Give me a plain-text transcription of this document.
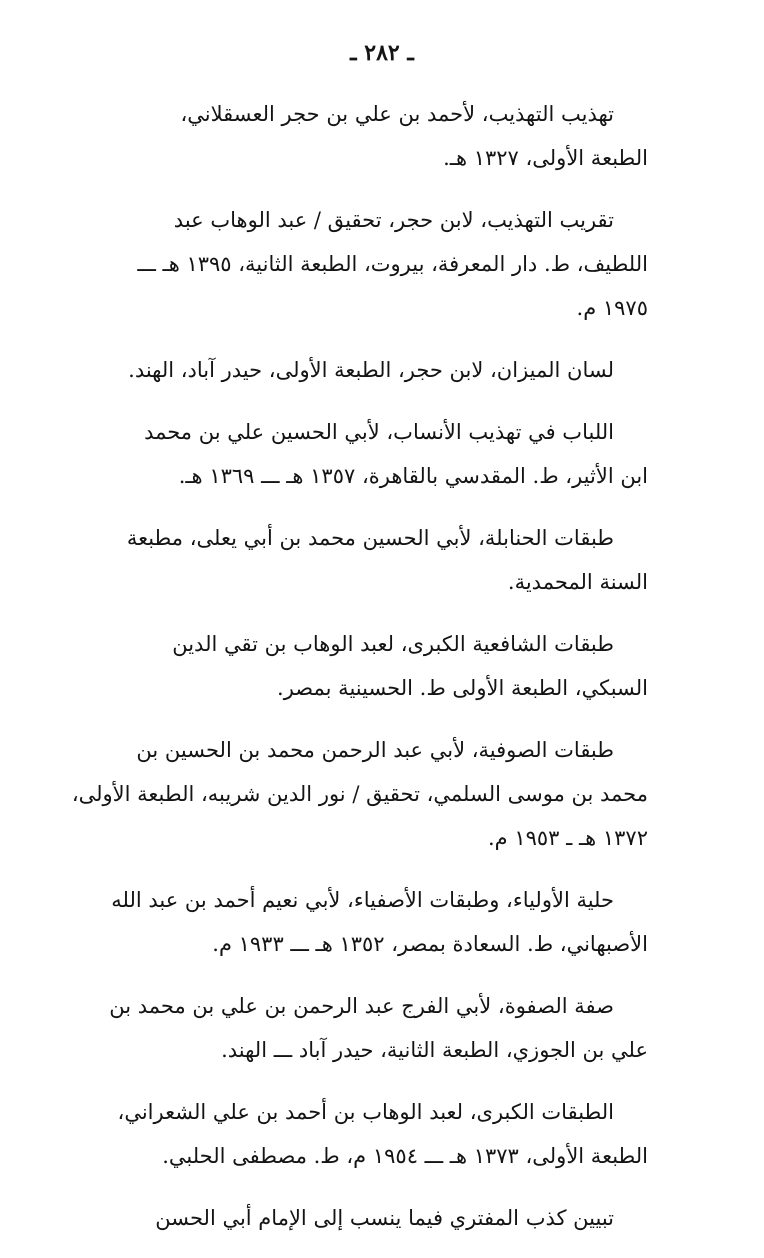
ـ ٢٨٢ ـ
تهذيب التهذيب، لأحمد بن علي بن حجر العسقلاني،
الطبعة الأولى، ١٣٢٧ هـ.
تقريب التهذيب، لابن حجر، تحقيق / عبد الوهاب عبد
اللطيف، ط. دار المعرفة، بيروت، الطبعة الثانية، ١٣٩٥ هـ ـــ
١٩٧٥ م.
لسان الميزان، لابن حجر، الطبعة الأولى، حيدر آباد، الهند.
اللباب في تهذيب الأنساب، لأبي الحسين علي بن محمد
ابن الأثير، ط. المقدسي بالقاهرة، ١٣٥٧ هـ ـــ ١٣٦٩ هـ.
طبقات الحنابلة، لأبي الحسين محمد بن أبي يعلى، مطبعة
السنة المحمدية.
طبقات الشافعية الكبرى، لعبد الوهاب بن تقي الدين
السبكي، الطبعة الأولى ط. الحسينية بمصر.
طبقات الصوفية، لأبي عبد الرحمن محمد بن الحسين بن
محمد بن موسى السلمي، تحقيق / نور الدين شريبه، الطبعة الأولى،
١٣٧٢ هـ ـ ١٩٥٣ م.
حلية الأولياء، وطبقات الأصفياء، لأبي نعيم أحمد بن عبد الله
الأصبهاني، ط. السعادة بمصر، ١٣٥٢ هـ ـــ ١٩٣٣ م.
صفة الصفوة، لأبي الفرج عبد الرحمن بن علي بن محمد بن
علي بن الجوزي، الطبعة الثانية، حيدر آباد ـــ الهند.
الطبقات الكبرى، لعبد الوهاب بن أحمد بن علي الشعراني،
الطبعة الأولى، ١٣٧٣ هـ ـــ ١٩٥٤ م، ط. مصطفى الحلبي.
تبيين كذب المفتري فيما ينسب إلى الإمام أبي الحسن
